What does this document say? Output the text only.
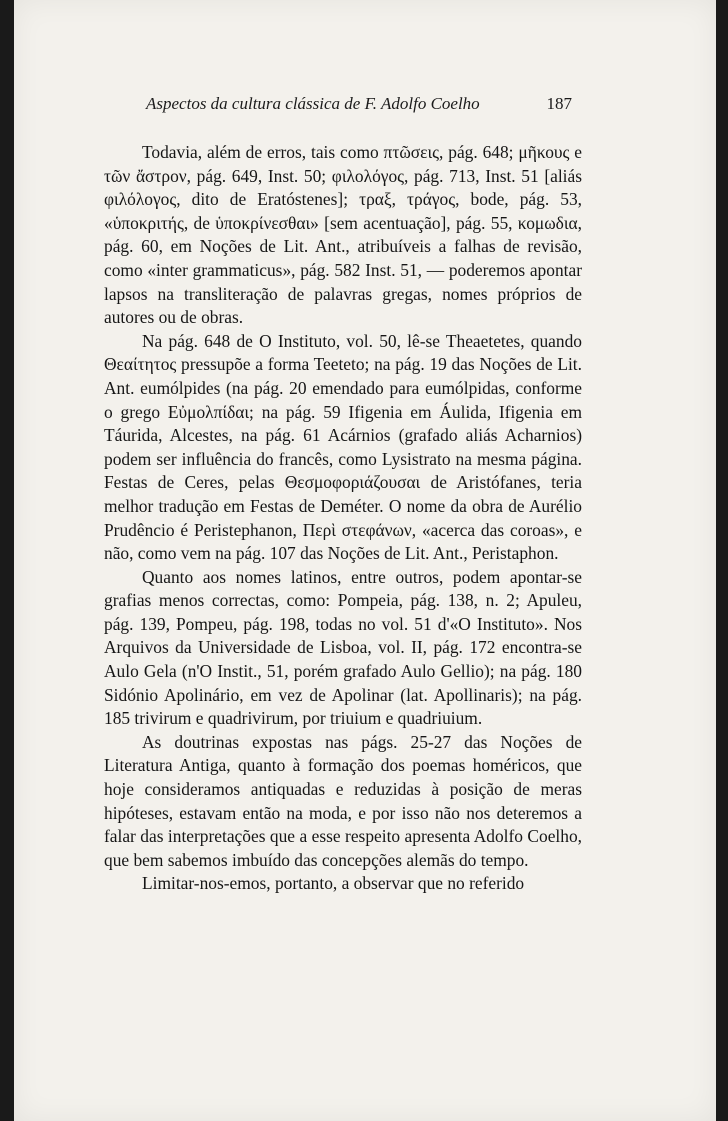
Aspectos da cultura clássica de F. Adolfo Coelho	187

Todavia, além de erros, tais como πτῶσεις, pág. 648; μῆκους e τῶν ἄστρον, pág. 649, Inst. 50; φιλολόγος, pág. 713, Inst. 51 [aliás φιλόλογος, dito de Eratóstenes]; τραξ, τράγος, bode, pág. 53, «ὑποκριτής, de ὑποκρίνεσθαι» [sem acentuação], pág. 55, κομωδια, pág. 60, em Noções de Lit. Ant., atribuíveis a falhas de revisão, como «inter grammaticus», pág. 582 Inst. 51, — poderemos apontar lapsos na transliteração de palavras gregas, nomes próprios de autores ou de obras.

Na pág. 648 de O Instituto, vol. 50, lê-se Theaetetes, quando Θεαίτητος pressupõe a forma Teeteto; na pág. 19 das Noções de Lit. Ant. eumólpides (na pág. 20 emendado para eumólpidas, conforme o grego Εὐμολπίδαι; na pág. 59 Ifigenia em Áulida, Ifigenia em Táurida, Alcestes, na pág. 61 Acárnios (grafado aliás Acharnios) podem ser influência do francês, como Lysistrato na mesma página. Festas de Ceres, pelas Θεσμοφοριάζουσαι de Aristófanes, teria melhor tradução em Festas de Deméter. O nome da obra de Aurélio Prudêncio é Peristephanon, Περὶ στεφάνων, «acerca das coroas», e não, como vem na pág. 107 das Noções de Lit. Ant., Peristaphon.

Quanto aos nomes latinos, entre outros, podem apontar-se grafias menos correctas, como: Pompeia, pág. 138, n. 2; Apuleu, pág. 139, Pompeu, pág. 198, todas no vol. 51 d'«O Instituto». Nos Arquivos da Universidade de Lisboa, vol. II, pág. 172 encontra-se Aulo Gela (n'O Instit., 51, porém grafado Aulo Gellio); na pág. 180 Sidónio Apolinário, em vez de Apolinar (lat. Apollinaris); na pág. 185 trivirum e quadrivirum, por triuium e quadriuium.

As doutrinas expostas nas págs. 25-27 das Noções de Literatura Antiga, quanto à formação dos poemas homéricos, que hoje consideramos antiquadas e reduzidas à posição de meras hipóteses, estavam então na moda, e por isso não nos deteremos a falar das interpretações que a esse respeito apresenta Adolfo Coelho, que bem sabemos imbuído das concepções alemãs do tempo.

Limitar-nos-emos, portanto, a observar que no referido
